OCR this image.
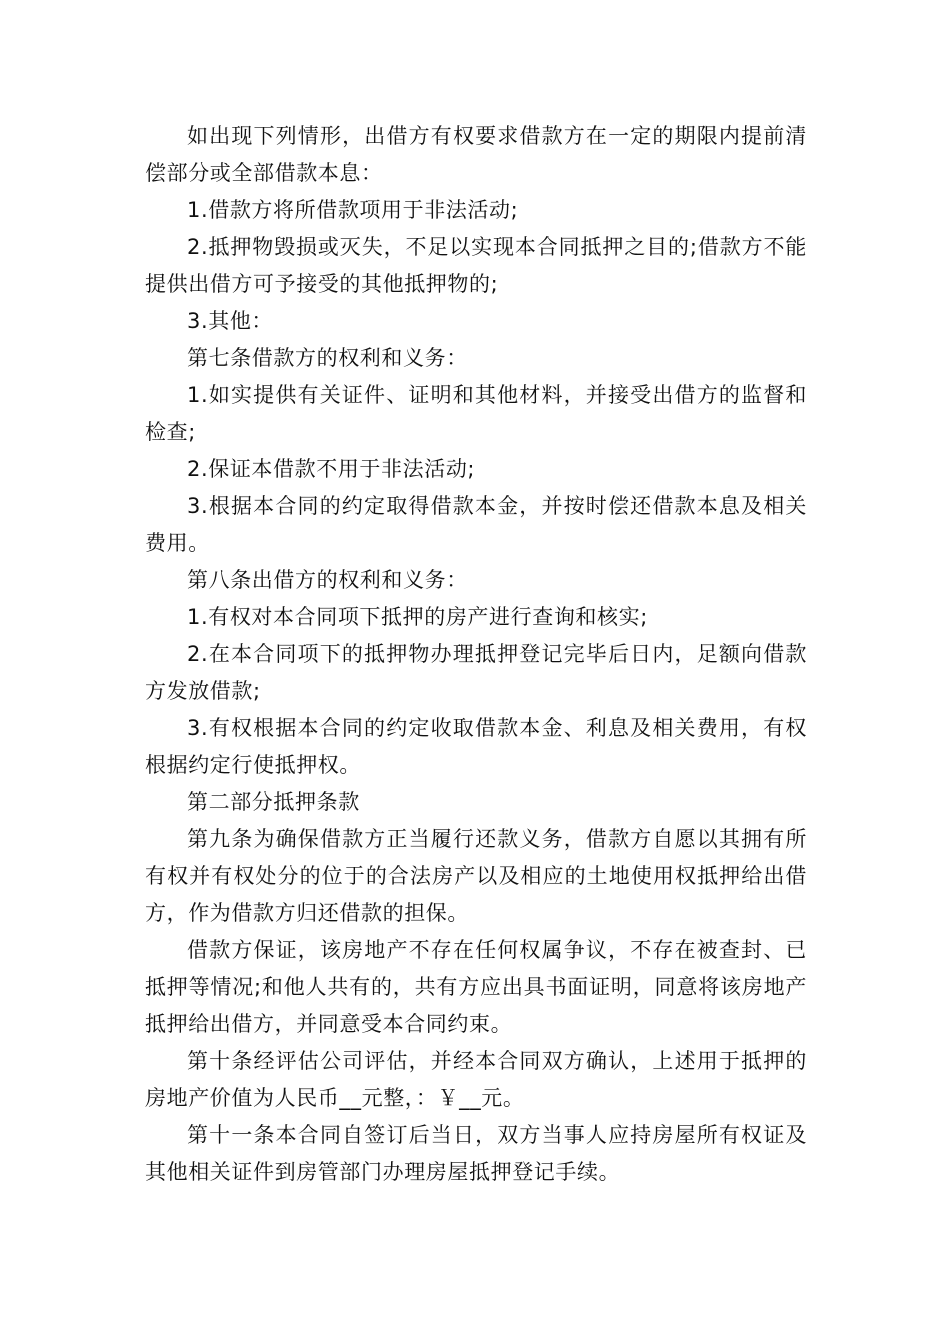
如出现下列情形，出借方有权要求借款方在一定的期限内提前清偿部分或全部借款本息：

1.借款方将所借款项用于非法活动;

2.抵押物毁损或灭失，不足以实现本合同抵押之目的;借款方不能提供出借方可予接受的其他抵押物的;

3.其他：

第七条借款方的权利和义务：

1.如实提供有关证件、证明和其他材料，并接受出借方的监督和检查;

2.保证本借款不用于非法活动;

3.根据本合同的约定取得借款本金，并按时偿还借款本息及相关费用。

第八条出借方的权利和义务：

1.有权对本合同项下抵押的房产进行查询和核实;

2.在本合同项下的抵押物办理抵押登记完毕后日内，足额向借款方发放借款;

3.有权根据本合同的约定收取借款本金、利息及相关费用，有权根据约定行使抵押权。

第二部分抵押条款

第九条为确保借款方正当履行还款义务，借款方自愿以其拥有所有权并有权处分的位于的合法房产以及相应的土地使用权抵押给出借方，作为借款方归还借款的担保。

借款方保证，该房地产不存在任何权属争议，不存在被查封、已抵押等情况;和他人共有的，共有方应出具书面证明，同意将该房地产抵押给出借方，并同意受本合同约束。

第十条经评估公司评估，并经本合同双方确认，上述用于抵押的房地产价值为人民币__元整，：￥__元。

第十一条本合同自签订后当日，双方当事人应持房屋所有权证及其他相关证件到房管部门办理房屋抵押登记手续。
